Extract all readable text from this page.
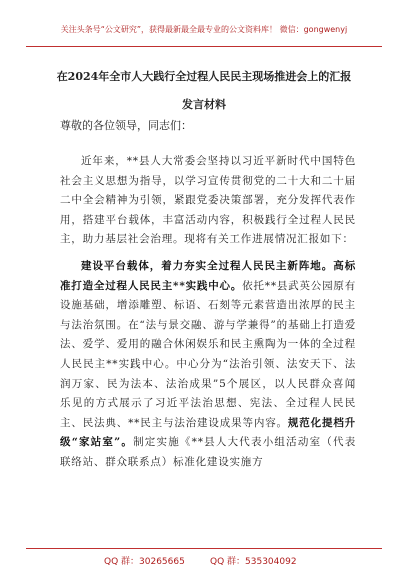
关注头条号“公文研究”，获得最新最全最专业的公文资料库！ 微信：gongwenyj
在2024年全市人大践行全过程人民民主现场推进会上的汇报发言材料
尊敬的各位领导，同志们：

近年来，**县人大常委会坚持以习近平新时代中国特色社会主义思想为指导，以学习宣传贯彻党的二十大和二十届二中全会精神为引领，紧跟党委决策部署，充分发挥代表作用，搭建平台载体，丰富活动内容，积极践行全过程人民民主，助力基层社会治理。现将有关工作进展情况汇报如下：

建设平台载体，着力夯实全过程人民民主新阵地。高标准打造全过程人民民主**实践中心。依托**县武英公园原有设施基础，增添雕塑、标语、石刻等元素营造出浓厚的民主与法治氛围。在“法与景交融、游与学兼得”的基础上打造爱法、爱学、爱用的融合休闲娱乐和民主熏陶为一体的全过程人民民主**实践中心。中心分为“法治引领、法安天下、法润万家、民为法本、法治成果”5个展区，以人民群众喜闻乐见的方式展示了习近平法治思想、宪法、全过程人民民主、民法典、**民主与法治建设成果等内容。规范化提档升级“家站室”。制定实施《**县人大代表小组活动室（代表联络站、群众联系点）标准化建设实施方

QQ 群：30265665	QQ 群：535304092
